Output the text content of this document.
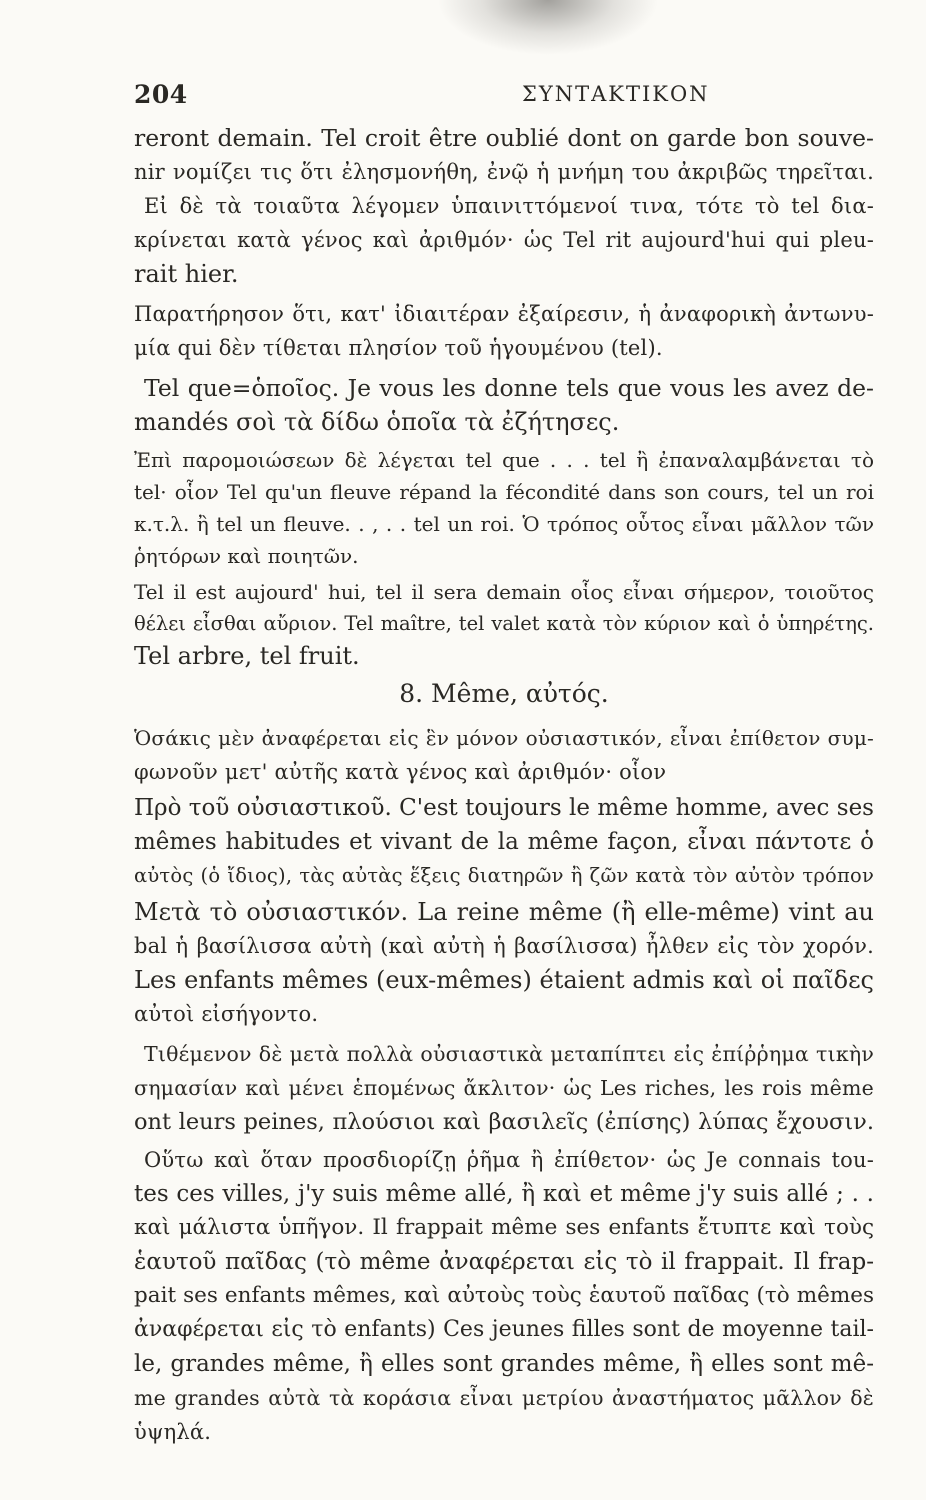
204	ΣΥΝΤΑΚΤΙΚΟΝ
reront demain. Tel croit être oublié dont on garde bon souve-
nir νομίζει τις ὅτι ἐλησμονήθη, ἐνῷ ἡ μνήμη του ἀκριβῶς τηρεῖται.
Εἰ δὲ τὰ τοιαῦτα λέγομεν ὑπαινιττόμενοί τινα, τότε τὸ tel δια-
κρίνεται κατὰ γένος καὶ ἀριθμόν· ὡς Tel rit aujourd'hui qui pleu-
rait hier.
Παρατήρησον ὅτι, κατ' ἰδιαιτέραν ἐξαίρεσιν, ἡ ἀναφορικὴ ἀντωνυ-
μία qui δὲν τίθεται πλησίον τοῦ ἡγουμένου (tel).
Tel que=ὁποῖος. Je vous les donne tels que vous les avez de-
mandés σοὶ τὰ δίδω ὁποῖα τὰ ἐζήτησες.
Ἐπὶ παρομοιώσεων δὲ λέγεται tel que . . . tel ἢ ἐπαναλαμβάνεται τὸ
tel· οἷον Tel qu'un fleuve répand la fécondité dans son cours, tel un roi
κ.τ.λ. ἢ tel un fleuve. . , . . tel un roi. Ὁ τρόπος οὗτος εἶναι μᾶλλον τῶν
ῥητόρων καὶ ποιητῶν.
Tel il est aujourd' hui, tel il sera demain οἷος εἶναι σήμερον, τοιοῦτος
θέλει εἶσθαι αὔριον. Tel maître, tel valet κατὰ τὸν κύριον καὶ ὁ ὑπηρέτης.
Tel arbre, tel fruit.
8. Même, αὐτός.
Ὁσάκις μὲν ἀναφέρεται εἰς ἓν μόνον οὐσιαστικόν, εἶναι ἐπίθετον συμ-
φωνοῦν μετ' αὐτῆς κατὰ γένος καὶ ἀριθμόν· οἷον
Πρὸ τοῦ οὐσιαστικοῦ. C'est toujours le même homme, avec ses
mêmes habitudes et vivant de la même façon, εἶναι πάντοτε ὁ
αὐτὸς (ὁ ἴδιος), τὰς αὐτὰς ἕξεις διατηρῶν ἢ ζῶν κατὰ τὸν αὐτὸν τρόπον
Μετὰ τὸ οὐσιαστικόν. La reine même (ἢ elle-même) vint au
bal ἡ βασίλισσα αὐτὴ (καὶ αὐτὴ ἡ βασίλισσα) ἦλθεν εἰς τὸν χορόν.
Les enfants mêmes (eux-mêmes) étaient admis καὶ οἱ παῖδες
αὐτοὶ εἰσήγοντο.
Τιθέμενον δὲ μετὰ πολλὰ οὐσιαστικὰ μεταπίπτει εἰς ἐπίῤῥημα τικὴν
σημασίαν καὶ μένει ἑπομένως ἄκλιτον· ὡς Les riches, les rois même
ont leurs peines, πλούσιοι καὶ βασιλεῖς (ἐπίσης) λύπας ἔχουσιν.
Οὕτω καὶ ὅταν προσδιορίζῃ ῥῆμα ἢ ἐπίθετον· ὡς Je connais tou-
tes ces villes, j'y suis même allé, ἢ καὶ et même j'y suis allé ; . .
καὶ μάλιστα ὑπῆγον. Il frappait même ses enfants ἔτυπτε καὶ τοὺς
ἑαυτοῦ παῖδας (τὸ même ἀναφέρεται εἰς τὸ il frappait. Il frap-
pait ses enfants mêmes, καὶ αὐτοὺς τοὺς ἑαυτοῦ παῖδας (τὸ mêmes
ἀναφέρεται εἰς τὸ enfants) Ces jeunes filles sont de moyenne tail-
le, grandes même, ἢ elles sont grandes même, ἢ elles sont mê-
me grandes αὐτὰ τὰ κοράσια εἶναι μετρίου ἀναστήματος μᾶλλον δὲ
ὑψηλά.
